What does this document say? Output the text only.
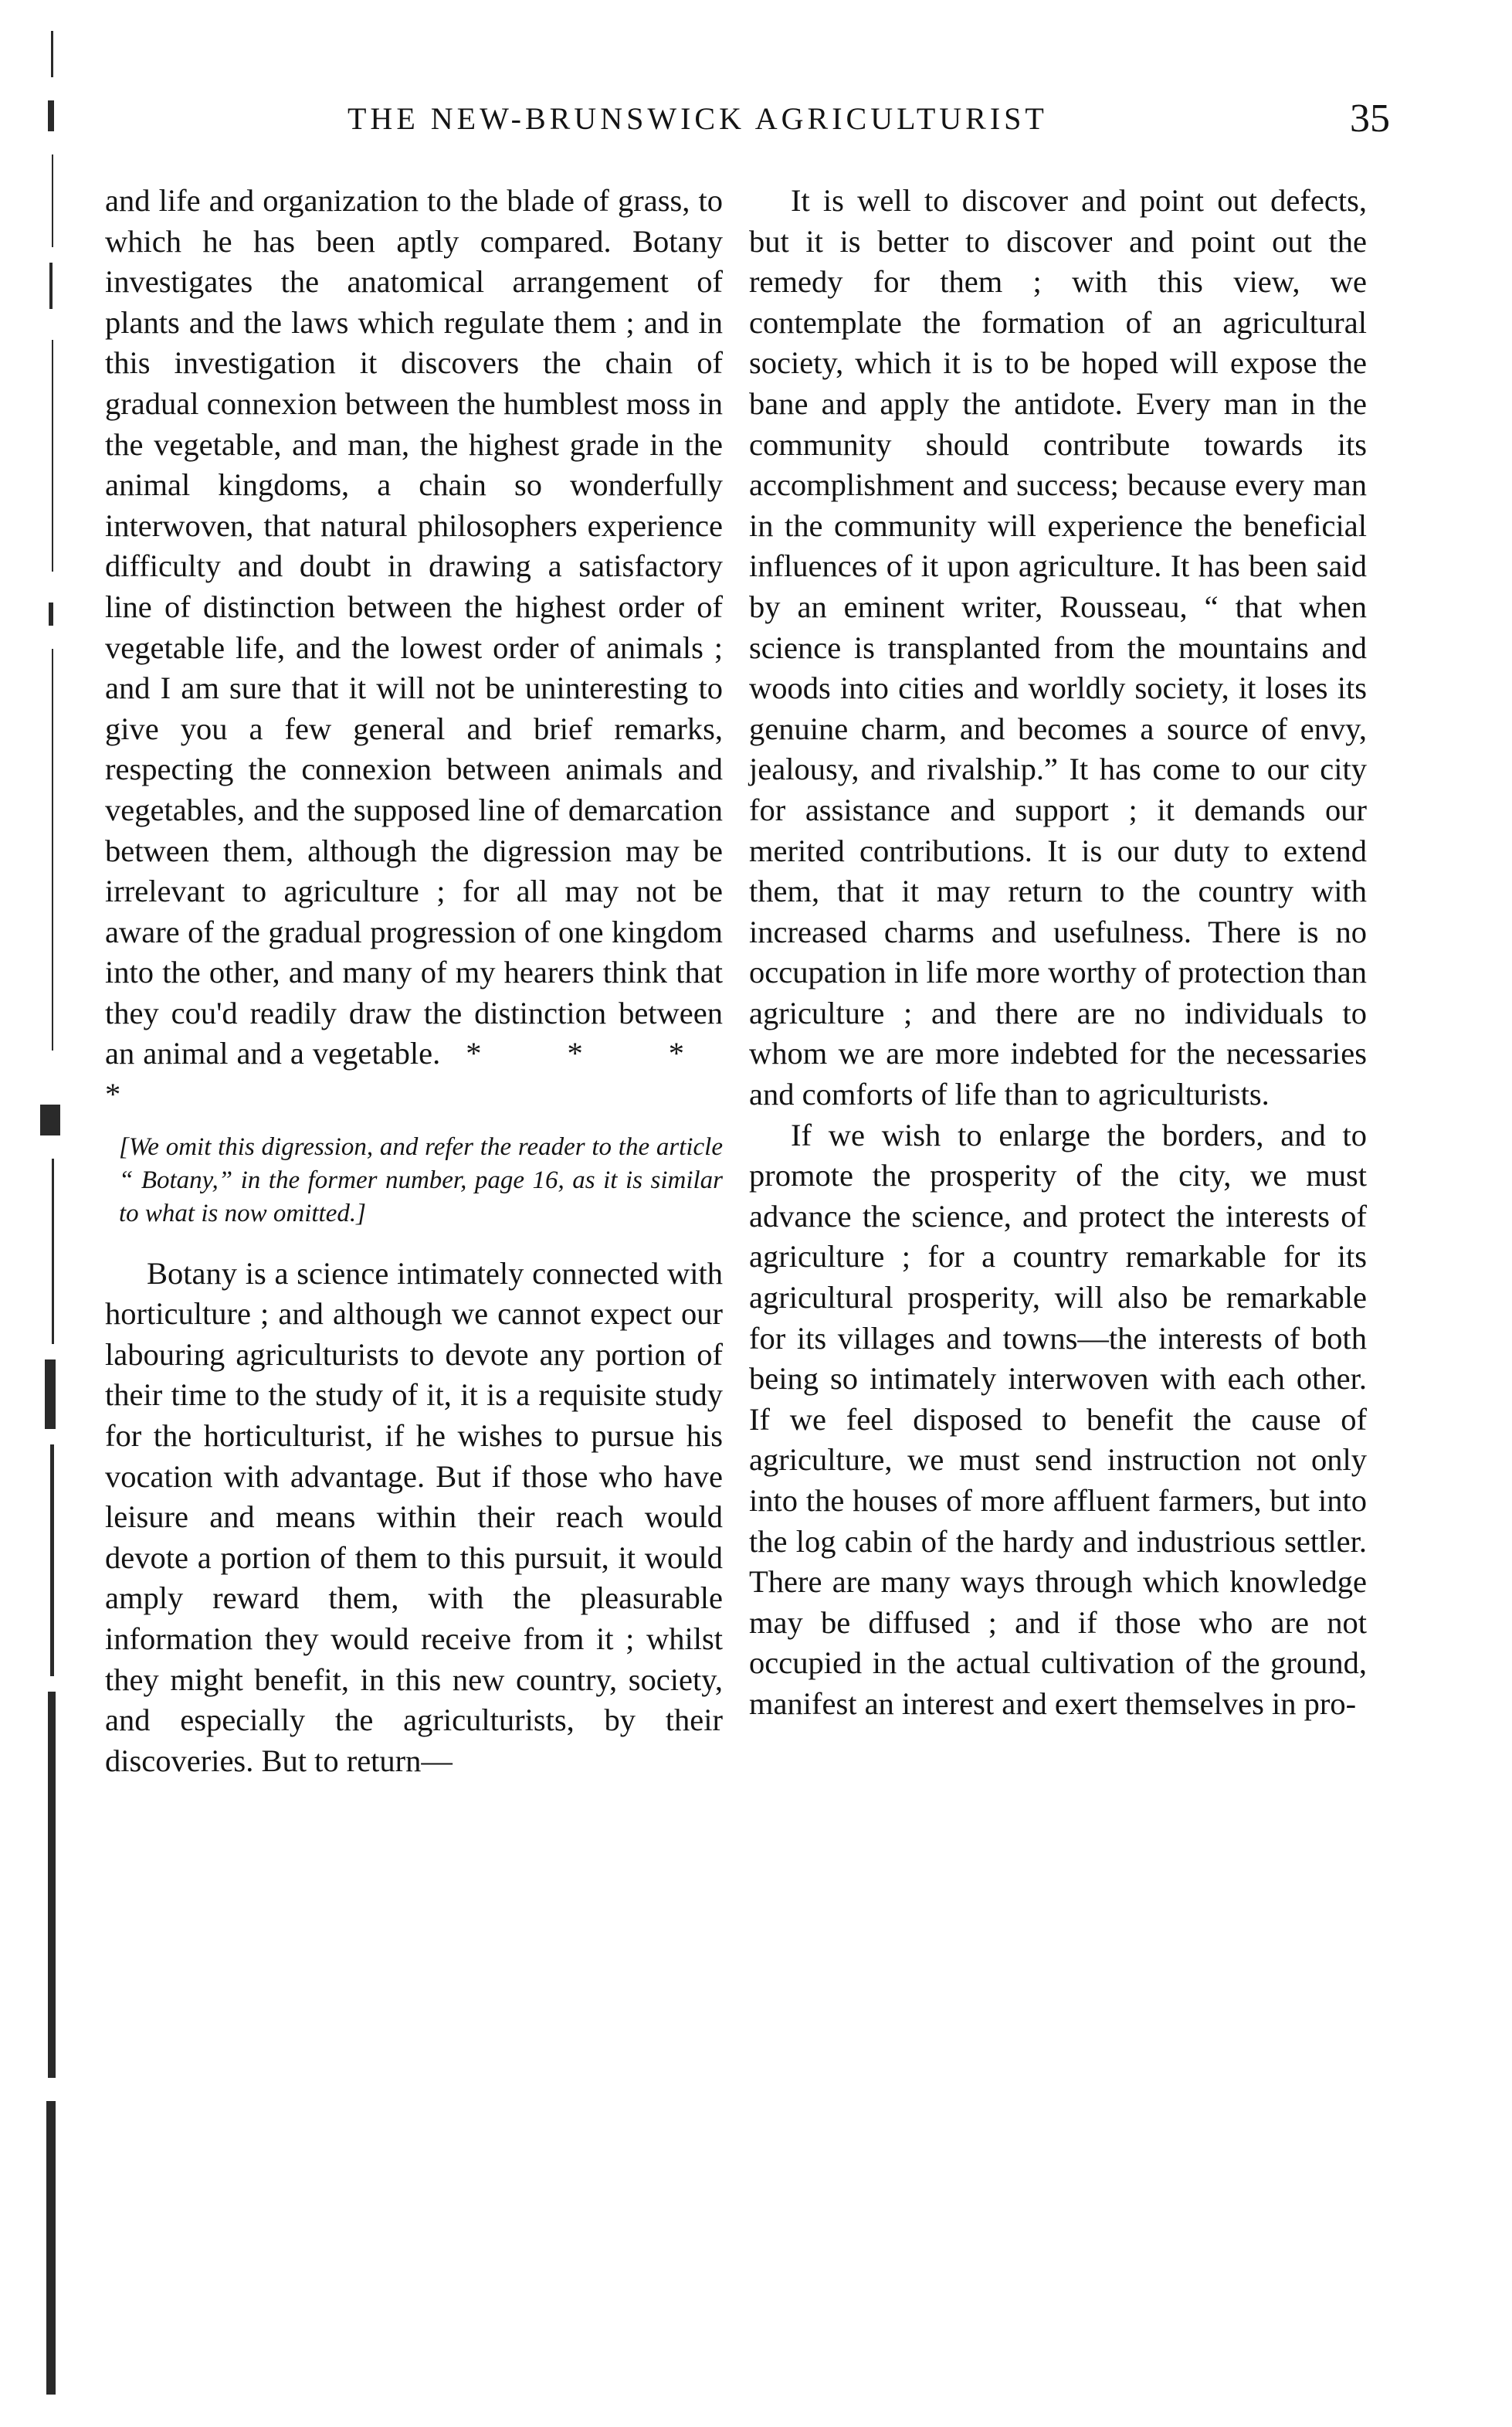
THE NEW-BRUNSWICK AGRICULTURIST	35

and life and organization to the blade of grass, to which he has been aptly compared. Botany investigates the anatomical arrangement of plants and the laws which regulate them ; and in this investigation it discovers the chain of gradual connexion between the humblest moss in the vegetable, and man, the highest grade in the animal kingdoms, a chain so wonderfully interwoven, that natural philosophers experience difficulty and doubt in drawing a satisfactory line of distinction between the highest order of vegetable life, and the lowest order of animals ; and I am sure that it will not be uninteresting to give you a few general and brief remarks, respecting the connexion between animals and vegetables, and the supposed line of demarcation between them, although the digression may be irrelevant to agriculture ; for all may not be aware of the gradual progression of one kingdom into the other, and many of my hearers think that they cou'd readily draw the distinction between an animal and a vegetable. * * * *

[We omit this digression, and refer the reader to the article “ Botany,” in the former number, page 16, as it is similar to what is now omitted.]

Botany is a science intimately connected with horticulture ; and although we cannot expect our labouring agriculturists to devote any portion of their time to the study of it, it is a requisite study for the horticulturist, if he wishes to pursue his vocation with advantage. But if those who have leisure and means within their reach would devote a portion of them to this pursuit, it would amply reward them, with the pleasurable information they would receive from it ; whilst they might benefit, in this new country, society, and especially the agriculturists, by their discoveries. But to return—

It is well to discover and point out defects, but it is better to discover and point out the remedy for them ; with this view, we contemplate the formation of an agricultural society, which it is to be hoped will expose the bane and apply the antidote. Every man in the community should contribute towards its accomplishment and success; because every man in the community will experience the beneficial influences of it upon agriculture. It has been said by an eminent writer, Rousseau, “ that when science is transplanted from the mountains and woods into cities and worldly society, it loses its genuine charm, and becomes a source of envy, jealousy, and rivalship.” It has come to our city for assistance and support ; it demands our merited contributions. It is our duty to extend them, that it may return to the country with increased charms and usefulness. There is no occupation in life more worthy of protection than agriculture ; and there are no individuals to whom we are more indebted for the necessaries and comforts of life than to agriculturists.

If we wish to enlarge the borders, and to promote the prosperity of the city, we must advance the science, and protect the interests of agriculture ; for a country remarkable for its agricultural prosperity, will also be remarkable for its villages and towns—the interests of both being so intimately interwoven with each other. If we feel disposed to benefit the cause of agriculture, we must send instruction not only into the houses of more affluent farmers, but into the log cabin of the hardy and industrious settler. There are many ways through which knowledge may be diffused ; and if those who are not occupied in the actual cultivation of the ground, manifest an interest and exert themselves in pro-
